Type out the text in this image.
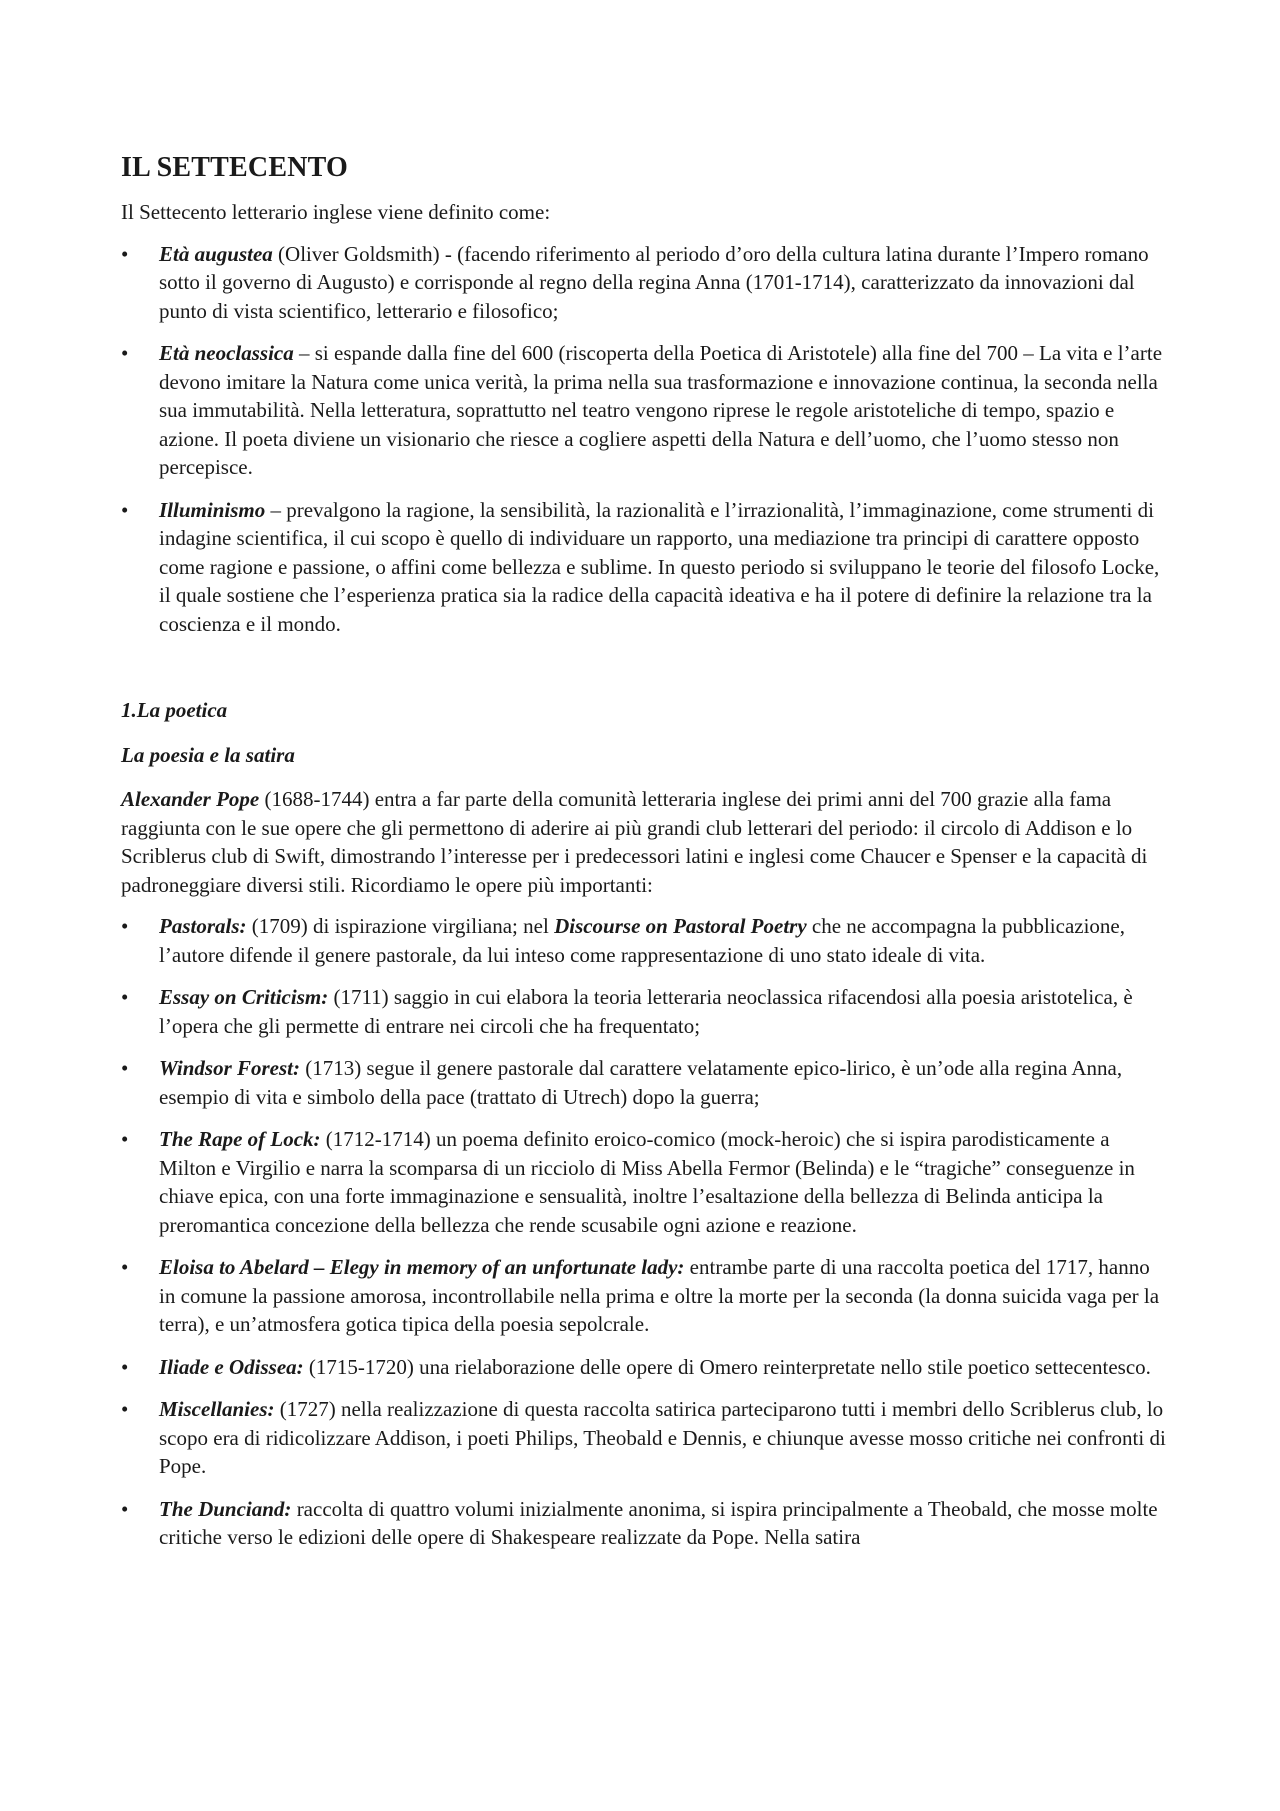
IL SETTECENTO

Il Settecento letterario inglese viene definito come:

• Età augustea (Oliver Goldsmith) - (facendo riferimento al periodo d’oro della cultura latina durante l’Impero romano sotto il governo di Augusto) e corrisponde al regno della regina Anna (1701-1714), caratterizzato da innovazioni dal punto di vista scientifico, letterario e filosofico;
• Età neoclassica – si espande dalla fine del 600 (riscoperta della Poetica di Aristotele) alla fine del 700 – La vita e l’arte devono imitare la Natura come unica verità, la prima nella sua trasformazione e innovazione continua, la seconda nella sua immutabilità. Nella letteratura, soprattutto nel teatro vengono riprese le regole aristoteliche di tempo, spazio e azione. Il poeta diviene un visionario che riesce a cogliere aspetti della Natura e dell’uomo, che l’uomo stesso non percepisce.
• Illuminismo – prevalgono la ragione, la sensibilità, la razionalità e l’irrazionalità, l’immaginazione, come strumenti di indagine scientifica, il cui scopo è quello di individuare un rapporto, una mediazione tra principi di carattere opposto come ragione e passione, o affini come bellezza e sublime. In questo periodo si sviluppano le teorie del filosofo Locke, il quale sostiene che l’esperienza pratica sia la radice della capacità ideativa e ha il potere di definire la relazione tra la coscienza e il mondo.

1.La poetica

La poesia e la satira

Alexander Pope (1688-1744) entra a far parte della comunità letteraria inglese dei primi anni del 700 grazie alla fama raggiunta con le sue opere che gli permettono di aderire ai più grandi club letterari del periodo: il circolo di Addison e lo Scriblerus club di Swift, dimostrando l’interesse per i predecessori latini e inglesi come Chaucer e Spenser e la capacità di padroneggiare diversi stili. Ricordiamo le opere più importanti:

• Pastorals: (1709) di ispirazione virgiliana; nel Discourse on Pastoral Poetry che ne accompagna la pubblicazione, l’autore difende il genere pastorale, da lui inteso come rappresentazione di uno stato ideale di vita.
• Essay on Criticism: (1711) saggio in cui elabora la teoria letteraria neoclassica rifacendosi alla poesia aristotelica, è l’opera che gli permette di entrare nei circoli che ha frequentato;
• Windsor Forest: (1713) segue il genere pastorale dal carattere velatamente epico-lirico, è un’ode alla regina Anna, esempio di vita e simbolo della pace (trattato di Utrech) dopo la guerra;
• The Rape of Lock: (1712-1714) un poema definito eroico-comico (mock-heroic) che si ispira parodisticamente a Milton e Virgilio e narra la scomparsa di un ricciolo di Miss Abella Fermor (Belinda) e le “tragiche” conseguenze in chiave epica, con una forte immaginazione e sensualità, inoltre l’esaltazione della bellezza di Belinda anticipa la preromantica concezione della bellezza che rende scusabile ogni azione e reazione.
• Eloisa to Abelard – Elegy in memory of an unfortunate lady: entrambe parte di una raccolta poetica del 1717, hanno in comune la passione amorosa, incontrollabile nella prima e oltre la morte per la seconda (la donna suicida vaga per la terra), e un’atmosfera gotica tipica della poesia sepolcrale.
• Iliade e Odissea: (1715-1720) una rielaborazione delle opere di Omero reinterpretate nello stile poetico settecentesco.
• Miscellanies: (1727) nella realizzazione di questa raccolta satirica parteciparono tutti i membri dello Scriblerus club, lo scopo era di ridicolizzare Addison, i poeti Philips, Theobald e Dennis, e chiunque avesse mosso critiche nei confronti di Pope.
• The Dunciand: raccolta di quattro volumi inizialmente anonima, si ispira principalmente a Theobald, che mosse molte critiche verso le edizioni delle opere di Shakespeare realizzate da Pope. Nella satira
